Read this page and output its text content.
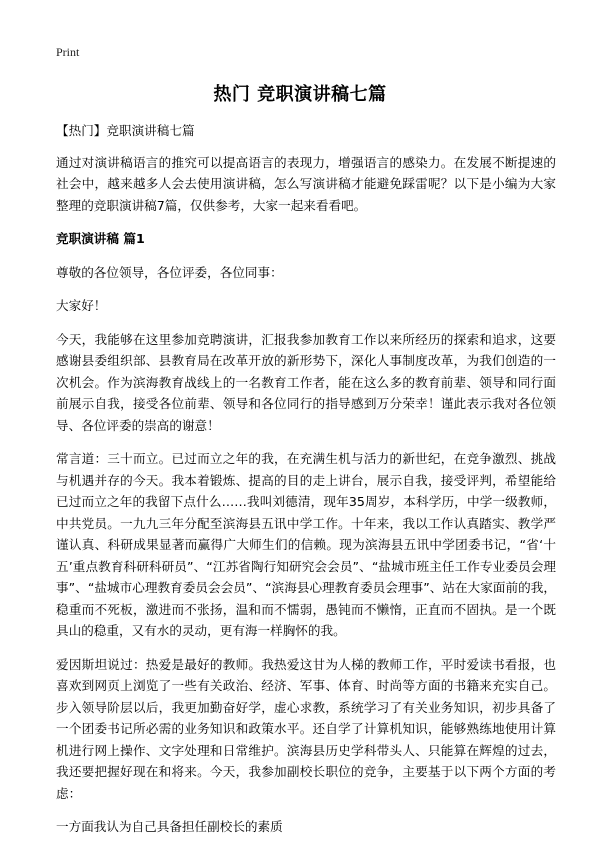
Print
热门 竞职演讲稿七篇

【热门】竞职演讲稿七篇

通过对演讲稿语言的推究可以提高语言的表现力，增强语言的感染力。在发展不断提速的社会中，越来越多人会去使用演讲稿，怎么写演讲稿才能避免踩雷呢？以下是小编为大家整理的竞职演讲稿7篇，仅供参考，大家一起来看看吧。

竞职演讲稿 篇1

尊敬的各位领导，各位评委，各位同事：

大家好！

今天，我能够在这里参加竞聘演讲，汇报我参加教育工作以来所经历的探索和追求，这要感谢县委组织部、县教育局在改革开放的新形势下，深化人事制度改革，为我们创造的一次机会。作为滨海教育战线上的一名教育工作者，能在这么多的教育前辈、领导和同行面前展示自我，接受各位前辈、领导和各位同行的指导感到万分荣幸！谨此表示我对各位领导、各位评委的崇高的谢意！

常言道：三十而立。已过而立之年的我，在充满生机与活力的新世纪，在竞争激烈、挑战与机遇并存的今天。我本着锻炼、提高的目的走上讲台，展示自我，接受评判，希望能给已过而立之年的我留下点什么……我叫刘德清，现年35周岁，本科学历，中学一级教师，中共党员。一九九三年分配至滨海县五讯中学工作。十年来，我以工作认真踏实、教学严谨认真、科研成果显著而赢得广大师生们的信赖。现为滨海县五讯中学团委书记，“省‘十五’重点教育科研科研员”、“江苏省陶行知研究会会员”、“盐城市班主任工作专业委员会理事”、“盐城市心理教育委员会会员”、“滨海县心理教育委员会理事”、站在大家面前的我，稳重而不死板，激进而不张扬，温和而不懦弱，愚钝而不懒惰，正直而不固执。是一个既具山的稳重，又有水的灵动，更有海一样胸怀的我。

爱因斯坦说过：热爱是最好的教师。我热爱这甘为人梯的教师工作，平时爱读书看报，也喜欢到网页上浏览了一些有关政治、经济、军事、体育、时尚等方面的书籍来充实自己。步入领导阶层以后，我更加勤奋好学，虚心求教，系统学习了有关业务知识，初步具备了一个团委书记所必需的业务知识和政策水平。还自学了计算机知识，能够熟练地使用计算机进行网上操作、文字处理和日常维护。滨海县历史学科带头人、只能算在辉煌的过去，我还要把握好现在和将来。今天，我参加副校长职位的竞争，主要基于以下两个方面的考虑：

一方面我认为自己具备担任副校长的素质
